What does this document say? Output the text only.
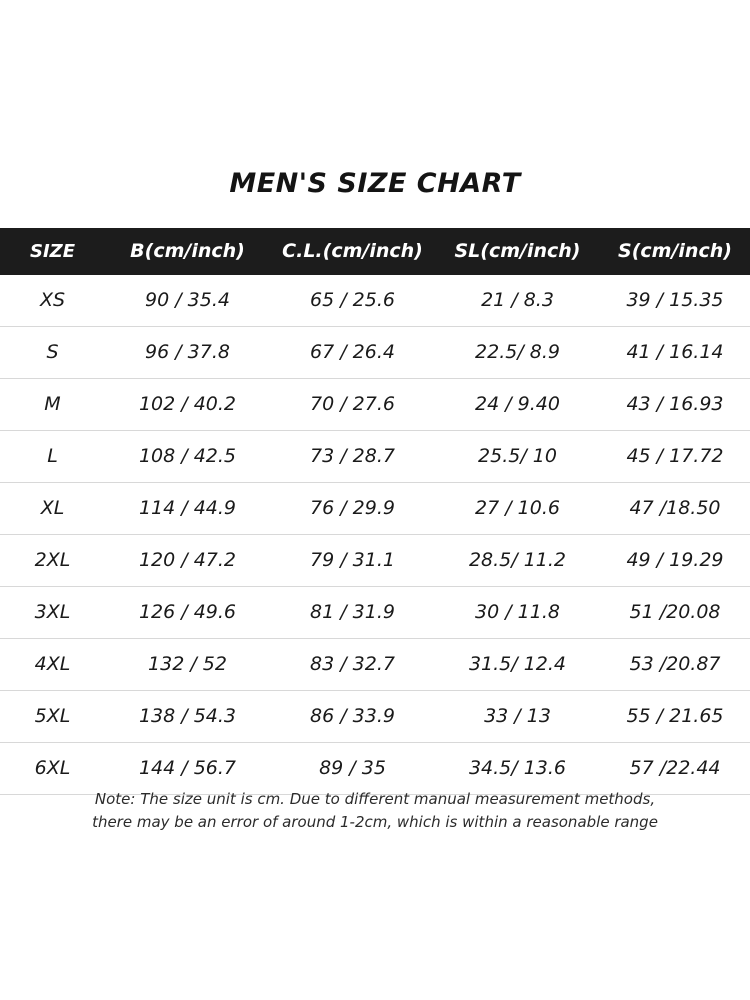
MEN'S SIZE CHART
SIZE	B(cm/inch)	C.L.(cm/inch)	SL(cm/inch)	S(cm/inch)
XS	90 / 35.4	65 / 25.6	21 / 8.3	39 / 15.35
S	96 / 37.8	67 / 26.4	22.5/ 8.9	41 / 16.14
M	102 / 40.2	70 / 27.6	24 / 9.40	43 / 16.93
L	108 / 42.5	73 / 28.7	25.5/ 10	45 / 17.72
XL	114 / 44.9	76 / 29.9	27 / 10.6	47 /18.50
2XL	120 / 47.2	79 / 31.1	28.5/ 11.2	49 / 19.29
3XL	126 / 49.6	81 / 31.9	30 / 11.8	51 /20.08
4XL	132 / 52	83 / 32.7	31.5/ 12.4	53 /20.87
5XL	138 / 54.3	86 / 33.9	33 / 13	55 / 21.65
6XL	144 / 56.7	89 / 35	34.5/ 13.6	57 /22.44
Note: The size unit is cm. Due to different manual measurement methods,
there may be an error of around 1-2cm, which is within a reasonable range
